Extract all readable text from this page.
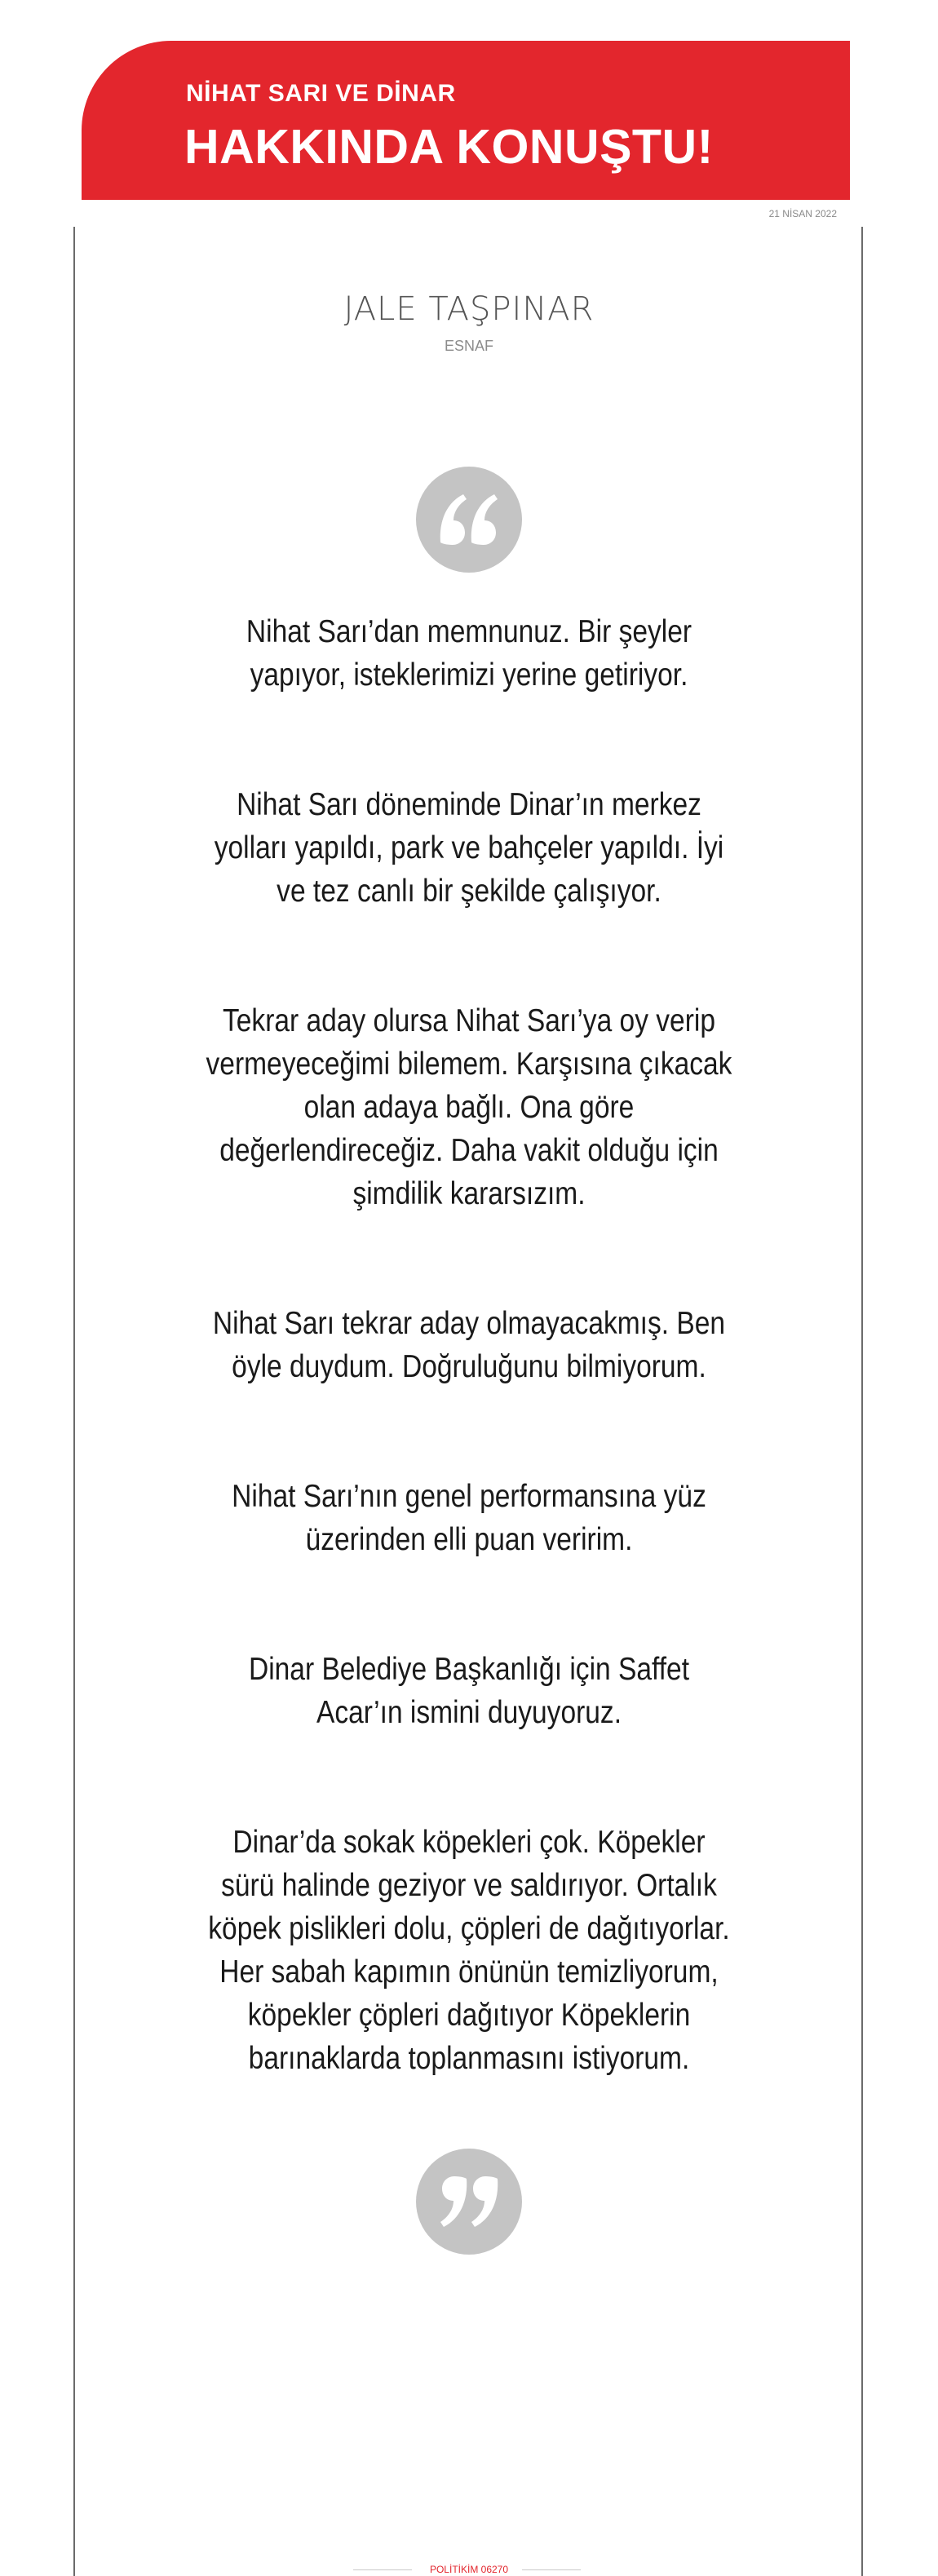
NİHAT SARI VE DİNAR
HAKKINDA KONUŞTU!
21 NİSAN 2022
JALE TAŞPINAR
ESNAF

Nihat Sarı’dan memnunuz. Bir şeyler yapıyor, isteklerimizi yerine getiriyor.

Nihat Sarı döneminde Dinar’ın merkez yolları yapıldı, park ve bahçeler yapıldı. İyi ve tez canlı bir şekilde çalışıyor.

Tekrar aday olursa Nihat Sarı’ya oy verip vermeyeceğimi bilemem. Karşısına çıkacak olan adaya bağlı. Ona göre değerlendireceğiz. Daha vakit olduğu için şimdilik kararsızım.

Nihat Sarı tekrar aday olmayacakmış. Ben öyle duydum. Doğruluğunu bilmiyorum.

Nihat Sarı’nın genel performansına yüz üzerinden elli puan veririm.

Dinar Belediye Başkanlığı için Saffet Acar’ın ismini duyuyoruz.

Dinar’da sokak köpekleri çok. Köpekler sürü halinde geziyor ve saldırıyor. Ortalık köpek pislikleri dolu, çöpleri de dağıtıyorlar. Her sabah kapımın önünün temizliyorum, köpekler çöpleri dağıtıyor Köpeklerin barınaklarda toplanmasını istiyorum.

POLİTİKİM 06270
